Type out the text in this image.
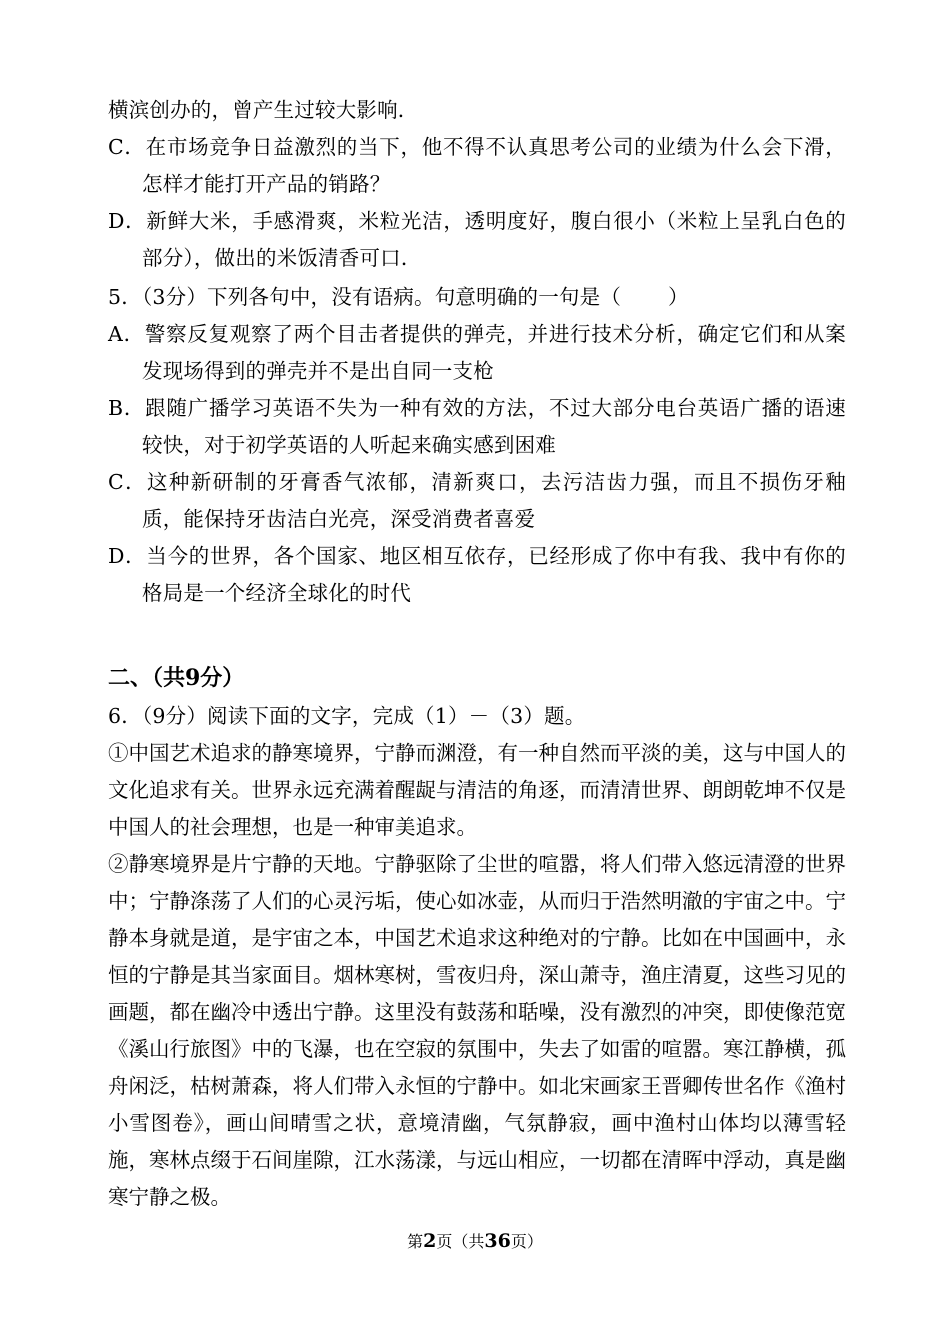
横滨创办的，曾产生过较大影响．
C．在市场竞争日益激烈的当下，他不得不认真思考公司的业绩为什么会下滑，怎样才能打开产品的销路？
D．新鲜大米，手感滑爽，米粒光洁，透明度好，腹白很小（米粒上呈乳白色的部分），做出的米饭清香可口．
5．（3分）下列各句中，没有语病。句意明确的一句是（       ）
A．警察反复观察了两个目击者提供的弹壳，并进行技术分析，确定它们和从案发现场得到的弹壳并不是出自同一支枪
B．跟随广播学习英语不失为一种有效的方法，不过大部分电台英语广播的语速较快，对于初学英语的人听起来确实感到困难
C．这种新研制的牙膏香气浓郁，清新爽口，去污洁齿力强，而且不损伤牙釉质，能保持牙齿洁白光亮，深受消费者喜爱
D．当今的世界，各个国家、地区相互依存，已经形成了你中有我、我中有你的格局是一个经济全球化的时代
二、（共9分）
6．（9分）阅读下面的文字，完成（1）－（3）题。
①中国艺术追求的静寒境界，宁静而渊澄，有一种自然而平淡的美，这与中国人的文化追求有关。世界永远充满着醒龊与清洁的角逐，而清清世界、朗朗乾坤不仅是中国人的社会理想，也是一种审美追求。
②静寒境界是片宁静的天地。宁静驱除了尘世的喧嚣，将人们带入悠远清澄的世界中；宁静涤荡了人们的心灵污垢，使心如冰壶，从而归于浩然明澈的宇宙之中。宁静本身就是道，是宇宙之本，中国艺术追求这种绝对的宁静。比如在中国画中，永恒的宁静是其当家面目。烟林寒树，雪夜归舟，深山萧寺，渔庄清夏，这些习见的画题，都在幽冷中透出宁静。这里没有鼓荡和聒噪，没有激烈的冲突，即使像范宽《溪山行旅图》中的飞瀑，也在空寂的氛围中，失去了如雷的喧嚣。寒江静横，孤舟闲泛，枯树萧森，将人们带入永恒的宁静中。如北宋画家王晋卿传世名作《渔村小雪图卷》，画山间晴雪之状，意境清幽，气氛静寂，画中渔村山体均以薄雪轻施，寒林点缀于石间崖隙，江水荡漾，与远山相应，一切都在清晖中浮动，真是幽寒宁静之极。
第2页（共36页）
